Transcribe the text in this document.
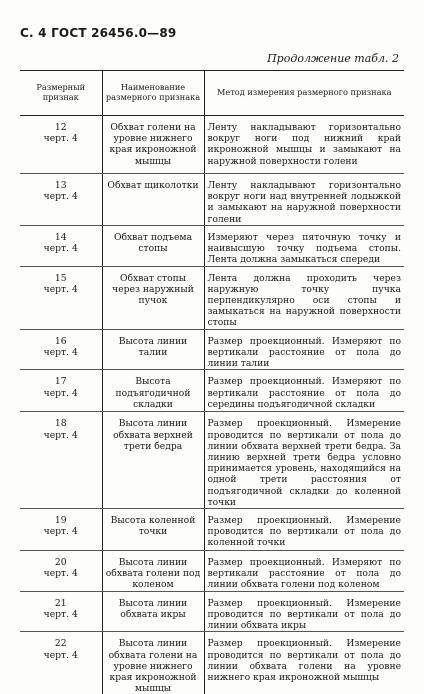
С. 4 ГОСТ 26456.0—89
Продолжение табл. 2
Размерный признак	Наименование размерного признака	Метод измерения размерного признака

12
черт. 4	Обхват голени на уровне нижнего края икроножной мышцы	Ленту накладывают горизонтально вокруг ноги под нижний край икроножной мышцы и замыкают на наружной поверхности голени

13
черт. 4	Обхват щиколотки	Ленту накладывают горизонтально вокруг ноги над внутренней лодыжкой и замыкают на наружной поверхности голени

14
черт. 4	Обхват подъема стопы	Измеряют через пяточную точку и наивысшую точку подъема стопы. Лента должна замыкаться спереди

15
черт. 4	Обхват стопы через наружный пучок	Лента должна проходить через наружную точку пучка перпендикулярно оси стопы и замыкаться на наружной поверхности стопы

16
черт. 4	Высота линии талии	Размер проекционный. Измеряют по вертикали расстояние от пола до линии талии

17
черт. 4	Высота подъягодичной складки	Размер проекционный. Измеряют по вертикали расстояние от пола до середины подъягодичной складки

18
черт. 4	Высота линии обхвата верхней трети бедра	Размер проекционный. Измерение проводится по вертикали от пола до линии обхвата верхней трети бедра. За линию верхней трети бедра условно принимается уровень, находящийся на одной трети расстояния от подъягодичной складки до коленной точки

19
черт. 4	Высота коленной точки	Размер проекционный. Измерение проводится по вертикали от пола до коленной точки

20
черт. 4	Высота линии обхвата голени под коленом	Размер проекционный. Измеряют по вертикали расстояние от пола до линии обхвата голени под коленом

21
черт. 4	Высота линии обхвата икры	Размер проекционный. Измерение проводится по вертикали от пола до линии обхвата икры

22
черт. 4	Высота линии обхвата голени на уровне нижнего края икроножной мышцы	Размер проекционный. Измерение проводится по вертикали от пола до линии обхвата голени на уровне нижнего края икроножной мышцы
